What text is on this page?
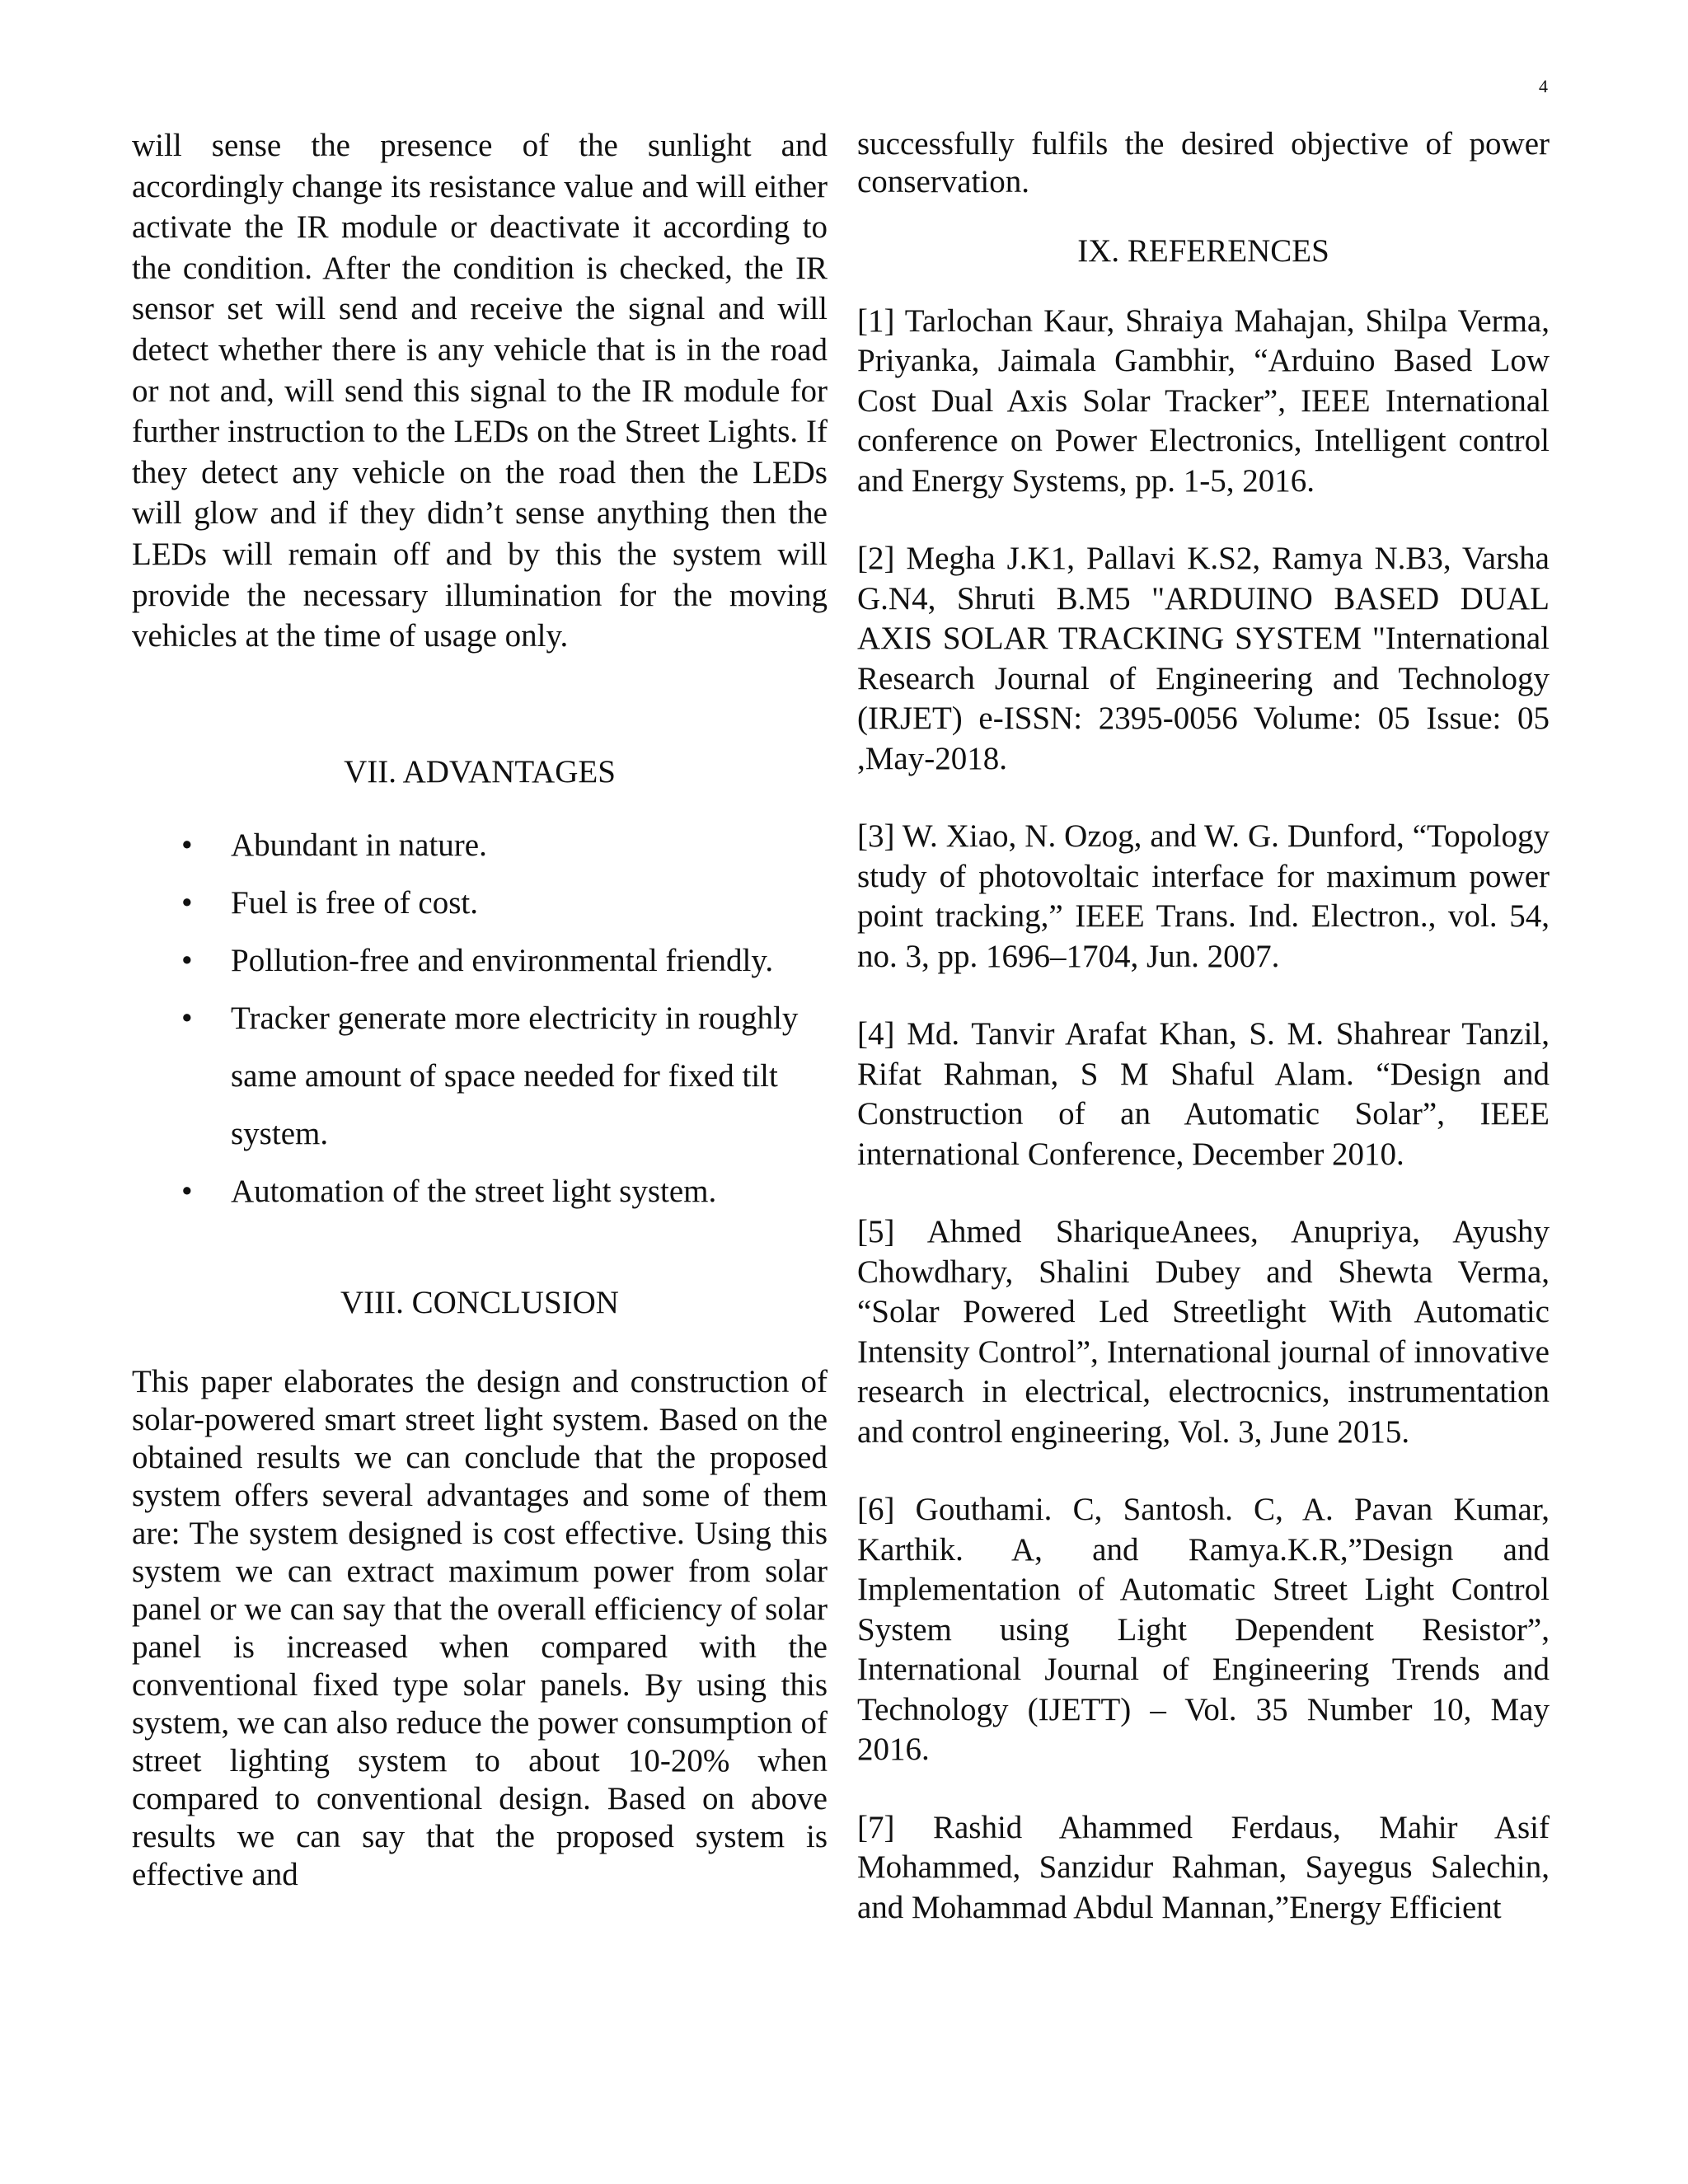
4

will sense the presence of the sunlight and accordingly change its resistance value and will either activate the IR module or deactivate it according to the condition. After the condition is checked, the IR sensor set will send and receive the signal and will detect whether there is any vehicle that is in the road or not and, will send this signal to the IR module for further instruction to the LEDs on the Street Lights. If they detect any vehicle on the road then the LEDs will glow and if they didn’t sense anything then the LEDs will remain off and by this the system will provide the necessary illumination for the moving vehicles at the time of usage only.

VII. ADVANTAGES

• Abundant in nature.
• Fuel is free of cost.
• Pollution-free and environmental friendly.
• Tracker generate more electricity in roughly same amount of space needed for fixed tilt system.
• Automation of the street light system.

VIII. CONCLUSION

This paper elaborates the design and construction of solar-powered smart street light system. Based on the obtained results we can conclude that the proposed system offers several advantages and some of them are: The system designed is cost effective. Using this system we can extract maximum power from solar panel or we can say that the overall efficiency of solar panel is increased when compared with the conventional fixed type solar panels. By using this system, we can also reduce the power consumption of street lighting system to about 10-20% when compared to conventional design. Based on above results we can say that the proposed system is effective and

successfully fulfils the desired objective of power conservation.

IX. REFERENCES

[1] Tarlochan Kaur, Shraiya Mahajan, Shilpa Verma, Priyanka, Jaimala Gambhir, “Arduino Based Low Cost Dual Axis Solar Tracker”, IEEE International conference on Power Electronics, Intelligent control and Energy Systems, pp. 1-5, 2016.

[2] Megha J.K1, Pallavi K.S2, Ramya N.B3, Varsha G.N4, Shruti B.M5 "ARDUINO BASED DUAL AXIS SOLAR TRACKING SYSTEM "International Research Journal of Engineering and Technology (IRJET) e-ISSN: 2395-0056 Volume: 05 Issue: 05 ,May-2018.

[3] W. Xiao, N. Ozog, and W. G. Dunford, “Topology study of photovoltaic interface for maximum power point tracking,” IEEE Trans. Ind. Electron., vol. 54, no. 3, pp. 1696–1704, Jun. 2007.

[4] Md. Tanvir Arafat Khan, S. M. Shahrear Tanzil, Rifat Rahman, S M Shaful Alam. “Design and Construction of an Automatic Solar”, IEEE international Conference, December 2010.

[5] Ahmed ShariqueAnees, Anupriya, Ayushy Chowdhary, Shalini Dubey and Shewta Verma, “Solar Powered Led Streetlight With Automatic Intensity Control”, International journal of innovative research in electrical, electrocnics, instrumentation and control engineering, Vol. 3, June 2015.

[6] Gouthami. C, Santosh. C, A. Pavan Kumar, Karthik. A, and Ramya.K.R,”Design and Implementation of Automatic Street Light Control System using Light Dependent Resistor”, International Journal of Engineering Trends and Technology (IJETT) – Vol. 35 Number 10, May 2016.

[7] Rashid Ahammed Ferdaus, Mahir Asif Mohammed, Sanzidur Rahman, Sayegus Salechin, and Mohammad Abdul Mannan,”Energy Efficient
